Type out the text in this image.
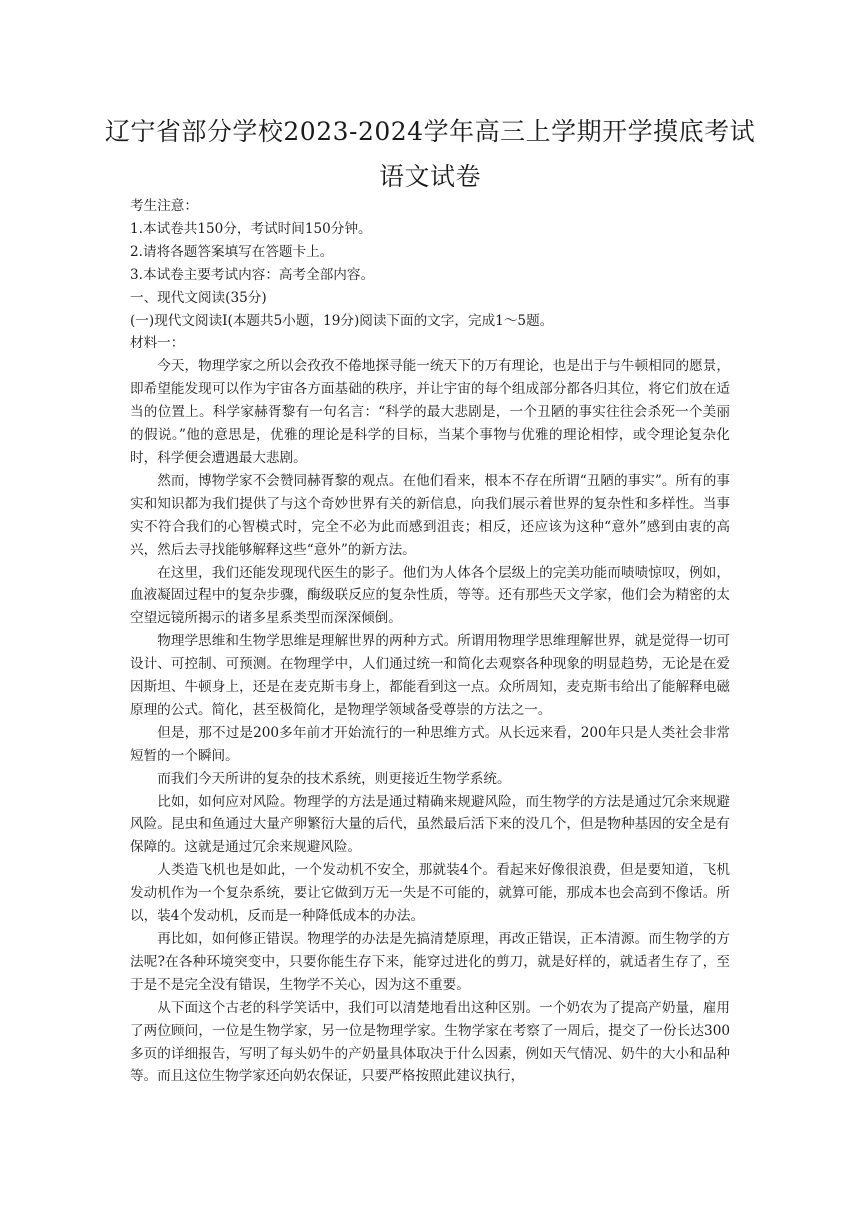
辽宁省部分学校2023-2024学年高三上学期开学摸底考试
语文试卷

考生注意：

1.本试卷共150分，考试时间150分钟。

2.请将各题答案填写在答题卡上。

3.本试卷主要考试内容：高考全部内容。

一、现代文阅读(35分)

(一)现代文阅读I(本题共5小题，19分)阅读下面的文字，完成1～5题。

材料一：

今天，物理学家之所以会孜孜不倦地探寻能一统天下的万有理论，也是出于与牛顿相同的愿景，即希望能发现可以作为宇宙各方面基础的秩序，并让宇宙的每个组成部分都各归其位，将它们放在适当的位置上。科学家赫胥黎有一句名言：“科学的最大悲剧是，一个丑陋的事实往往会杀死一个美丽的假说。”他的意思是，优雅的理论是科学的目标，当某个事物与优雅的理论相悖，或令理论复杂化时，科学便会遭遇最大悲剧。

然而，博物学家不会赞同赫胥黎的观点。在他们看来，根本不存在所谓“丑陋的事实”。所有的事实和知识都为我们提供了与这个奇妙世界有关的新信息，向我们展示着世界的复杂性和多样性。当事实不符合我们的心智模式时，完全不必为此而感到沮丧；相反，还应该为这种“意外”感到由衷的高兴，然后去寻找能够解释这些“意外”的新方法。

在这里，我们还能发现现代医生的影子。他们为人体各个层级上的完美功能而啧啧惊叹，例如，血液凝固过程中的复杂步骤，酶级联反应的复杂性质，等等。还有那些天文学家，他们会为精密的太空望远镜所揭示的诸多星系类型而深深倾倒。

物理学思维和生物学思维是理解世界的两种方式。所谓用物理学思维理解世界，就是觉得一切可设计、可控制、可预测。在物理学中，人们通过统一和简化去观察各种现象的明显趋势，无论是在爱因斯坦、牛顿身上，还是在麦克斯韦身上，都能看到这一点。众所周知，麦克斯韦给出了能解释电磁原理的公式。简化，甚至极简化，是物理学领域备受尊崇的方法之一。

但是，那不过是200多年前才开始流行的一种思维方式。从长远来看，200年只是人类社会非常短暂的一个瞬间。

而我们今天所讲的复杂的技术系统，则更接近生物学系统。

比如，如何应对风险。物理学的方法是通过精确来规避风险，而生物学的方法是通过冗余来规避风险。昆虫和鱼通过大量产卵繁衍大量的后代，虽然最后活下来的没几个，但是物种基因的安全是有保障的。这就是通过冗余来规避风险。

人类造飞机也是如此，一个发动机不安全，那就装4个。看起来好像很浪费，但是要知道，飞机发动机作为一个复杂系统，要让它做到万无一失是不可能的，就算可能，那成本也会高到不像话。所以，装4个发动机，反而是一种降低成本的办法。

再比如，如何修正错误。物理学的办法是先搞清楚原理，再改正错误，正本清源。而生物学的方法呢?在各种环境突变中，只要你能生存下来，能穿过进化的剪刀，就是好样的，就适者生存了，至于是不是完全没有错误，生物学不关心，因为这不重要。

从下面这个古老的科学笑话中，我们可以清楚地看出这种区别。一个奶农为了提高产奶量，雇用了两位顾问，一位是生物学家，另一位是物理学家。生物学家在考察了一周后，提交了一份长达300多页的详细报告，写明了每头奶牛的产奶量具体取决于什么因素，例如天气情况、奶牛的大小和品种等。而且这位生物学家还向奶农保证，只要严格按照此建议执行，
